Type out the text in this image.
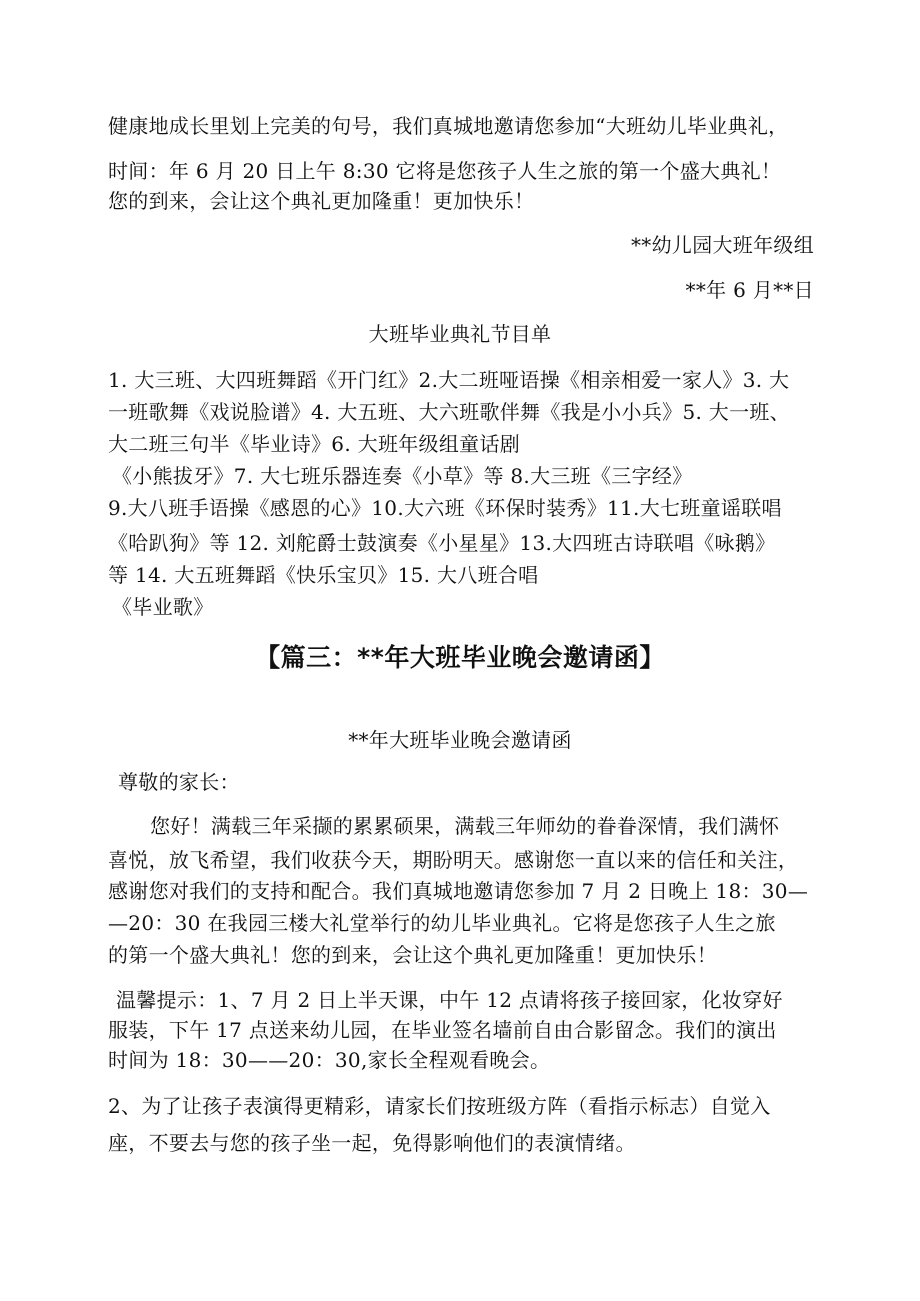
健康地成长里划上完美的句号，我们真城地邀请您参加“大班幼儿毕业典礼，
时间：年 6 月 20 日上午 8:30 它将是您孩子人生之旅的第一个盛大典礼！
您的到来，会让这个典礼更加隆重！更加快乐！
**幼儿园大班年级组
**年 6 月**日
大班毕业典礼节目单
1. 大三班、大四班舞蹈《开门红》2.大二班哑语操《相亲相爱一家人》3. 大
一班歌舞《戏说脸谱》4. 大五班、大六班歌伴舞《我是小小兵》5. 大一班、
大二班三句半《毕业诗》6. 大班年级组童话剧
《小熊拔牙》7. 大七班乐器连奏《小草》等 8.大三班《三字经》
9.大八班手语操《感恩的心》10.大六班《环保时装秀》11.大七班童谣联唱
《哈趴狗》等 12. 刘舵爵士鼓演奏《小星星》13.大四班古诗联唱《咏鹅》
等 14. 大五班舞蹈《快乐宝贝》15. 大八班合唱
《毕业歌》
【篇三：**年大班毕业晚会邀请函】
**年大班毕业晚会邀请函
尊敬的家长：
您好！满载三年采撷的累累硕果，满载三年师幼的眷眷深情，我们满怀
喜悦，放飞希望，我们收获今天，期盼明天。感谢您一直以来的信任和关注，
感谢您对我们的支持和配合。我们真城地邀请您参加 7 月 2 日晚上 18：30—
—20：30 在我园三楼大礼堂举行的幼儿毕业典礼。它将是您孩子人生之旅
的第一个盛大典礼！您的到来，会让这个典礼更加隆重！更加快乐！
温馨提示：1、7 月 2 日上半天课，中午 12 点请将孩子接回家，化妆穿好
服装，下午 17 点送来幼儿园，在毕业签名墙前自由合影留念。我们的演出
时间为 18：30——20：30,家长全程观看晚会。
2、为了让孩子表演得更精彩，请家长们按班级方阵（看指示标志）自觉入
座，不要去与您的孩子坐一起，免得影响他们的表演情绪。
